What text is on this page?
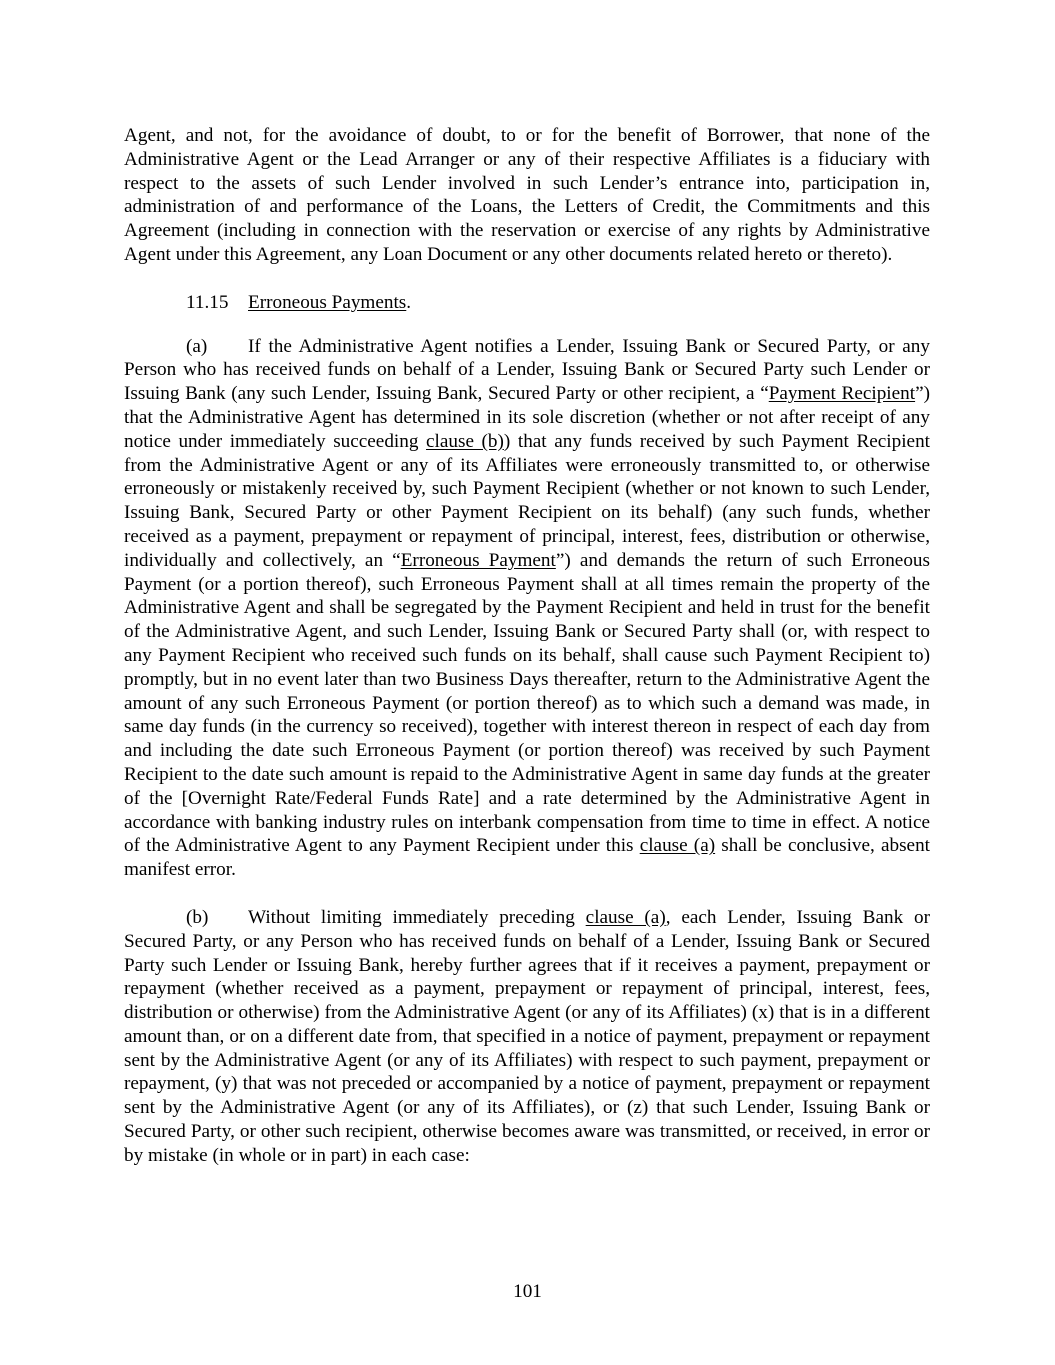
Agent, and not, for the avoidance of doubt, to or for the benefit of Borrower, that none of the Administrative Agent or the Lead Arranger or any of their respective Affiliates is a fiduciary with respect to the assets of such Lender involved in such Lender’s entrance into, participation in, administration of and performance of the Loans, the Letters of Credit, the Commitments and this Agreement (including in connection with the reservation or exercise of any rights by Administrative Agent under this Agreement, any Loan Document or any other documents related hereto or thereto).

11.15 Erroneous Payments.

(a) If the Administrative Agent notifies a Lender, Issuing Bank or Secured Party, or any Person who has received funds on behalf of a Lender, Issuing Bank or Secured Party such Lender or Issuing Bank (any such Lender, Issuing Bank, Secured Party or other recipient, a “Payment Recipient”) that the Administrative Agent has determined in its sole discretion (whether or not after receipt of any notice under immediately succeeding clause (b)) that any funds received by such Payment Recipient from the Administrative Agent or any of its Affiliates were erroneously transmitted to, or otherwise erroneously or mistakenly received by, such Payment Recipient (whether or not known to such Lender, Issuing Bank, Secured Party or other Payment Recipient on its behalf) (any such funds, whether received as a payment, prepayment or repayment of principal, interest, fees, distribution or otherwise, individually and collectively, an “Erroneous Payment”) and demands the return of such Erroneous Payment (or a portion thereof), such Erroneous Payment shall at all times remain the property of the Administrative Agent and shall be segregated by the Payment Recipient and held in trust for the benefit of the Administrative Agent, and such Lender, Issuing Bank or Secured Party shall (or, with respect to any Payment Recipient who received such funds on its behalf, shall cause such Payment Recipient to) promptly, but in no event later than two Business Days thereafter, return to the Administrative Agent the amount of any such Erroneous Payment (or portion thereof) as to which such a demand was made, in same day funds (in the currency so received), together with interest thereon in respect of each day from and including the date such Erroneous Payment (or portion thereof) was received by such Payment Recipient to the date such amount is repaid to the Administrative Agent in same day funds at the greater of the [Overnight Rate/Federal Funds Rate] and a rate determined by the Administrative Agent in accordance with banking industry rules on interbank compensation from time to time in effect. A notice of the Administrative Agent to any Payment Recipient under this clause (a) shall be conclusive, absent manifest error.

(b) Without limiting immediately preceding clause (a), each Lender, Issuing Bank or Secured Party, or any Person who has received funds on behalf of a Lender, Issuing Bank or Secured Party such Lender or Issuing Bank, hereby further agrees that if it receives a payment, prepayment or repayment (whether received as a payment, prepayment or repayment of principal, interest, fees, distribution or otherwise) from the Administrative Agent (or any of its Affiliates) (x) that is in a different amount than, or on a different date from, that specified in a notice of payment, prepayment or repayment sent by the Administrative Agent (or any of its Affiliates) with respect to such payment, prepayment or repayment, (y) that was not preceded or accompanied by a notice of payment, prepayment or repayment sent by the Administrative Agent (or any of its Affiliates), or (z) that such Lender, Issuing Bank or Secured Party, or other such recipient, otherwise becomes aware was transmitted, or received, in error or by mistake (in whole or in part) in each case:

101
